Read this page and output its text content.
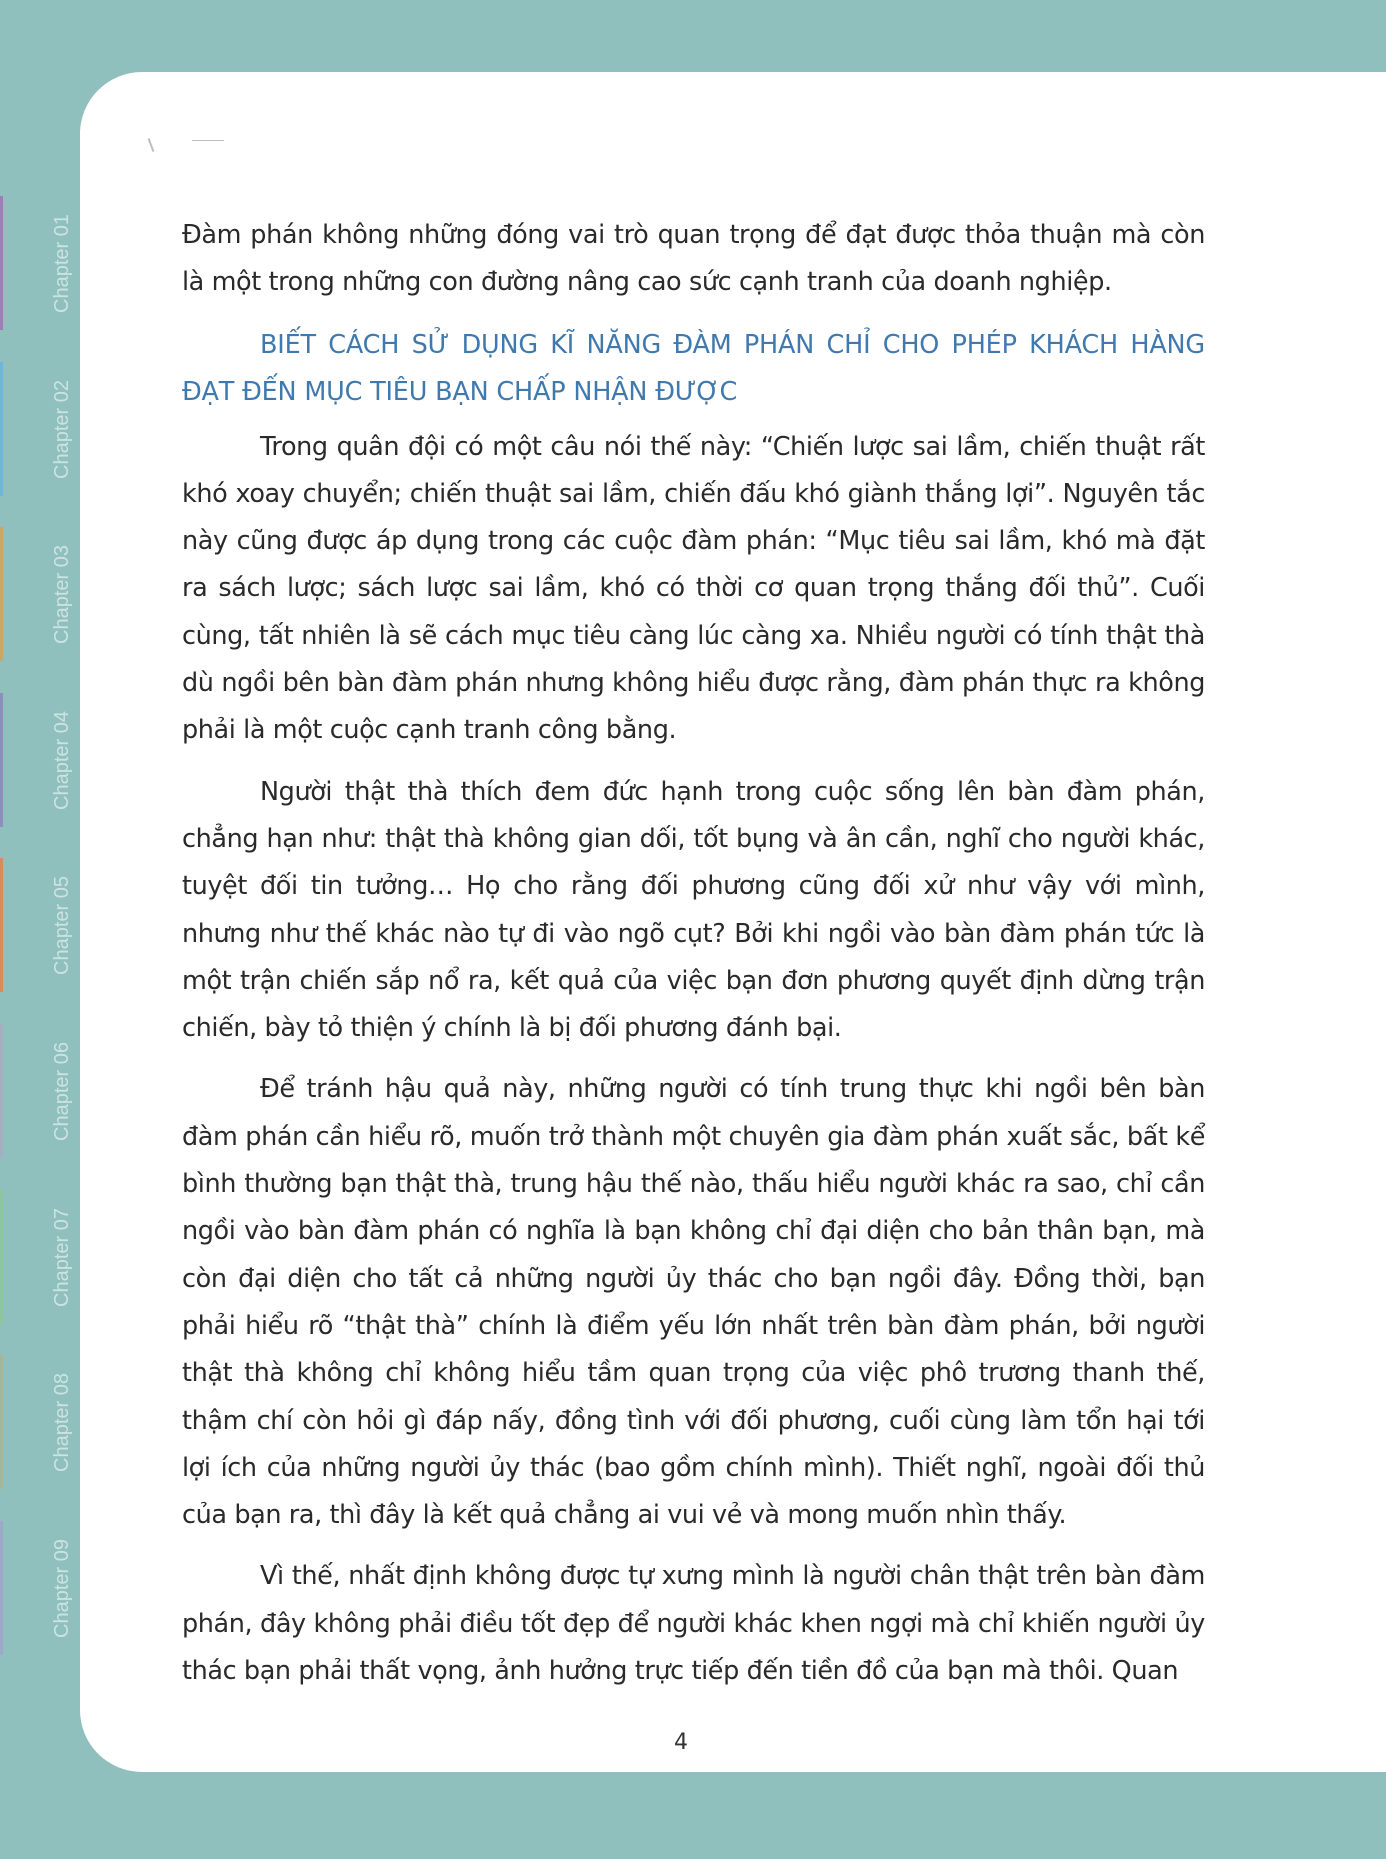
Chapter 01
Chapter 02
Chapter 03
Chapter 04
Chapter 05
Chapter 06
Chapter 07
Chapter 08
Chapter 09

Đàm phán không những đóng vai trò quan trọng để đạt được thỏa thuận mà còn là một trong những con đường nâng cao sức cạnh tranh của doanh nghiệp.

BIẾT CÁCH SỬ DỤNG KĨ NĂNG ĐÀM PHÁN CHỈ CHO PHÉP KHÁCH HÀNG ĐẠT ĐẾN MỤC TIÊU BẠN CHẤP NHẬN ĐƯỢC

Trong quân đội có một câu nói thế này: “Chiến lược sai lầm, chiến thuật rất khó xoay chuyển; chiến thuật sai lầm, chiến đấu khó giành thắng lợi”. Nguyên tắc này cũng được áp dụng trong các cuộc đàm phán: “Mục tiêu sai lầm, khó mà đặt ra sách lược; sách lược sai lầm, khó có thời cơ quan trọng thắng đối thủ”. Cuối cùng, tất nhiên là sẽ cách mục tiêu càng lúc càng xa. Nhiều người có tính thật thà dù ngồi bên bàn đàm phán nhưng không hiểu được rằng, đàm phán thực ra không phải là một cuộc cạnh tranh công bằng.

Người thật thà thích đem đức hạnh trong cuộc sống lên bàn đàm phán, chẳng hạn như: thật thà không gian dối, tốt bụng và ân cần, nghĩ cho người khác, tuyệt đối tin tưởng… Họ cho rằng đối phương cũng đối xử như vậy với mình, nhưng như thế khác nào tự đi vào ngõ cụt? Bởi khi ngồi vào bàn đàm phán tức là một trận chiến sắp nổ ra, kết quả của việc bạn đơn phương quyết định dừng trận chiến, bày tỏ thiện ý chính là bị đối phương đánh bại.

Để tránh hậu quả này, những người có tính trung thực khi ngồi bên bàn đàm phán cần hiểu rõ, muốn trở thành một chuyên gia đàm phán xuất sắc, bất kể bình thường bạn thật thà, trung hậu thế nào, thấu hiểu người khác ra sao, chỉ cần ngồi vào bàn đàm phán có nghĩa là bạn không chỉ đại diện cho bản thân bạn, mà còn đại diện cho tất cả những người ủy thác cho bạn ngồi đây. Đồng thời, bạn phải hiểu rõ “thật thà” chính là điểm yếu lớn nhất trên bàn đàm phán, bởi người thật thà không chỉ không hiểu tầm quan trọng của việc phô trương thanh thế, thậm chí còn hỏi gì đáp nấy, đồng tình với đối phương, cuối cùng làm tổn hại tới lợi ích của những người ủy thác (bao gồm chính mình). Thiết nghĩ, ngoài đối thủ của bạn ra, thì đây là kết quả chẳng ai vui vẻ và mong muốn nhìn thấy.

Vì thế, nhất định không được tự xưng mình là người chân thật trên bàn đàm phán, đây không phải điều tốt đẹp để người khác khen ngợi mà chỉ khiến người ủy thác bạn phải thất vọng, ảnh hưởng trực tiếp đến tiền đồ của bạn mà thôi. Quan

4
